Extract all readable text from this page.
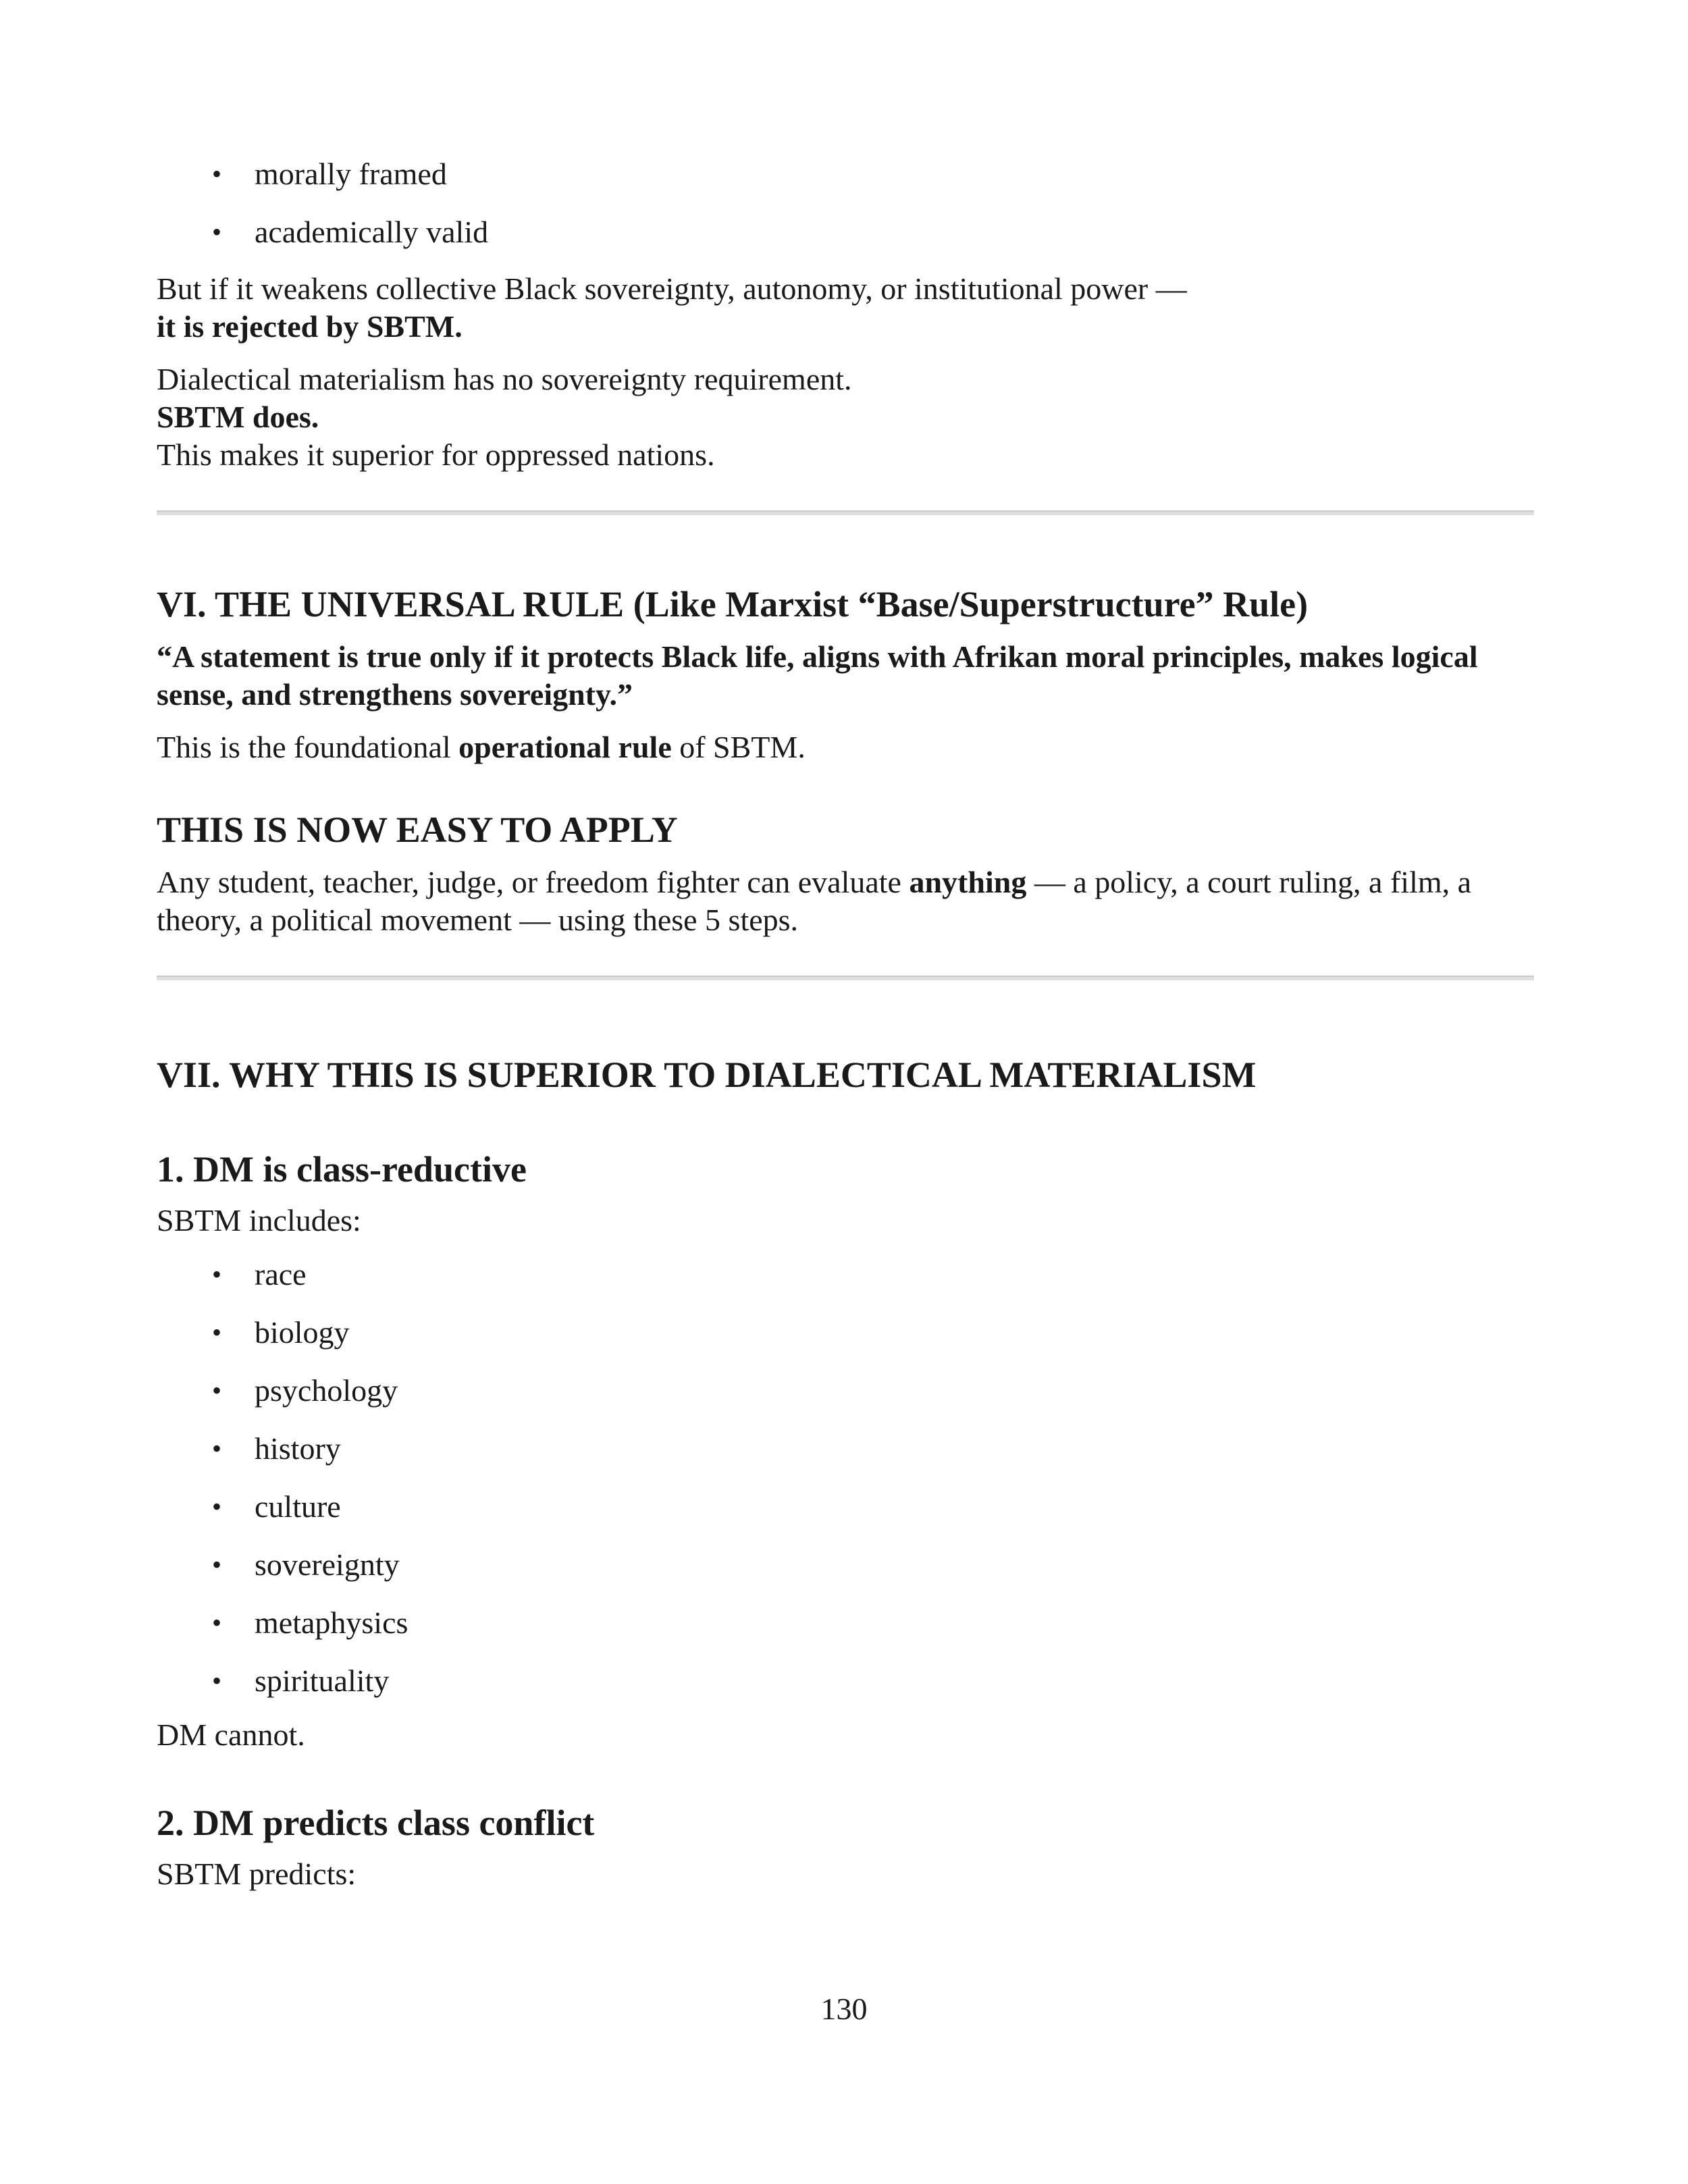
• morally framed
• academically valid

But if it weakens collective Black sovereignty, autonomy, or institutional power —
it is rejected by SBTM.

Dialectical materialism has no sovereignty requirement.
SBTM does.
This makes it superior for oppressed nations.

VI. THE UNIVERSAL RULE (Like Marxist “Base/Superstructure” Rule)

“A statement is true only if it protects Black life, aligns with Afrikan moral principles, makes logical sense, and strengthens sovereignty.”

This is the foundational operational rule of SBTM.

THIS IS NOW EASY TO APPLY

Any student, teacher, judge, or freedom fighter can evaluate anything — a policy, a court ruling, a film, a theory, a political movement — using these 5 steps.

VII. WHY THIS IS SUPERIOR TO DIALECTICAL MATERIALISM
1. DM is class-reductive

SBTM includes:

• race
• biology
• psychology
• history
• culture
• sovereignty
• metaphysics
• spirituality

DM cannot.

2. DM predicts class conflict

SBTM predicts:

130
